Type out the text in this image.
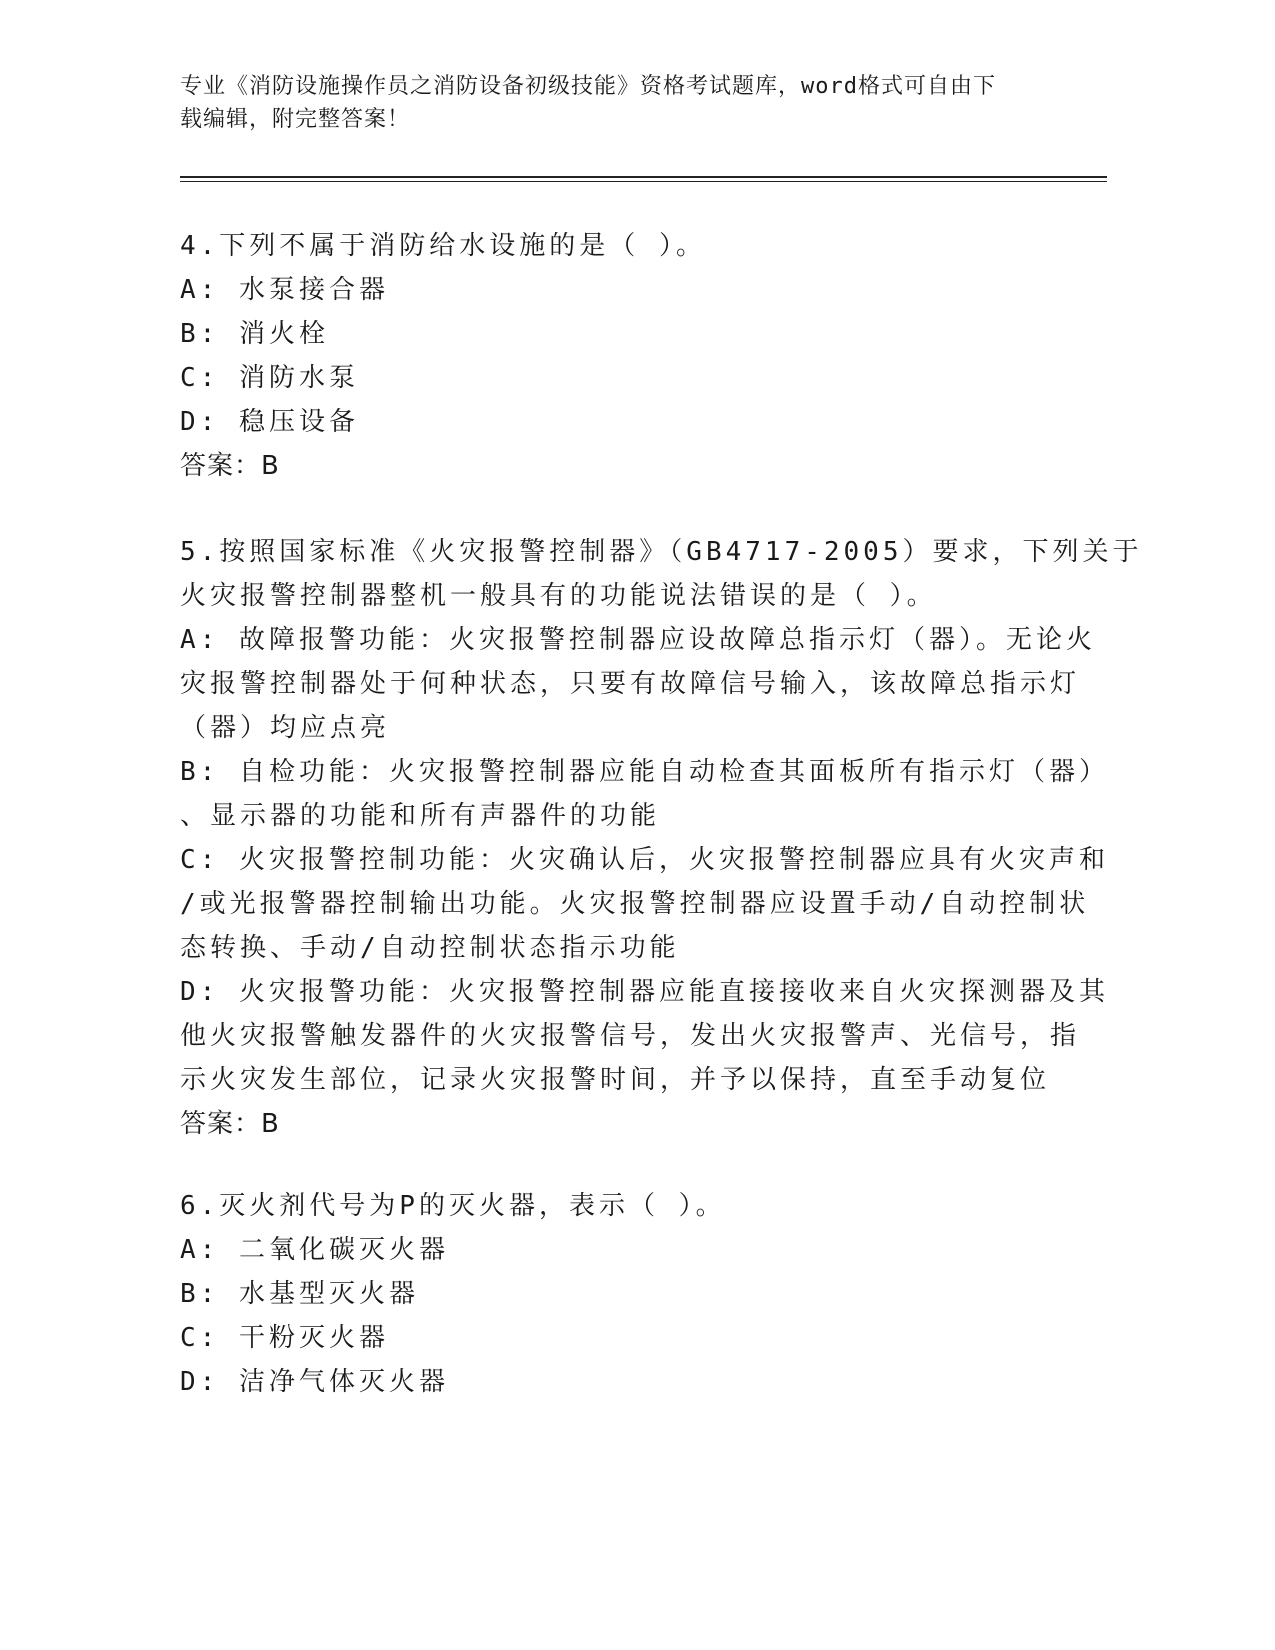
专业《消防设施操作员之消防设备初级技能》资格考试题库，word格式可自由下
载编辑，附完整答案！
4.下列不属于消防给水设施的是（ ）。
A: 水泵接合器
B: 消火栓
C: 消防水泵
D: 稳压设备
答案：B
5.按照国家标准《火灾报警控制器》（GB4717-2005）要求，下列关于
火灾报警控制器整机一般具有的功能说法错误的是（ ）。
A: 故障报警功能：火灾报警控制器应设故障总指示灯（器）。无论火
灾报警控制器处于何种状态，只要有故障信号输入，该故障总指示灯
（器）均应点亮
B: 自检功能：火灾报警控制器应能自动检查其面板所有指示灯（器）
、显示器的功能和所有声器件的功能
C: 火灾报警控制功能：火灾确认后，火灾报警控制器应具有火灾声和
/或光报警器控制输出功能。火灾报警控制器应设置手动/自动控制状
态转换、手动/自动控制状态指示功能
D: 火灾报警功能：火灾报警控制器应能直接接收来自火灾探测器及其
他火灾报警触发器件的火灾报警信号，发出火灾报警声、光信号，指
示火灾发生部位，记录火灾报警时间，并予以保持，直至手动复位
答案：B
6.灭火剂代号为P的灭火器，表示（ ）。
A: 二氧化碳灭火器
B: 水基型灭火器
C: 干粉灭火器
D: 洁净气体灭火器
